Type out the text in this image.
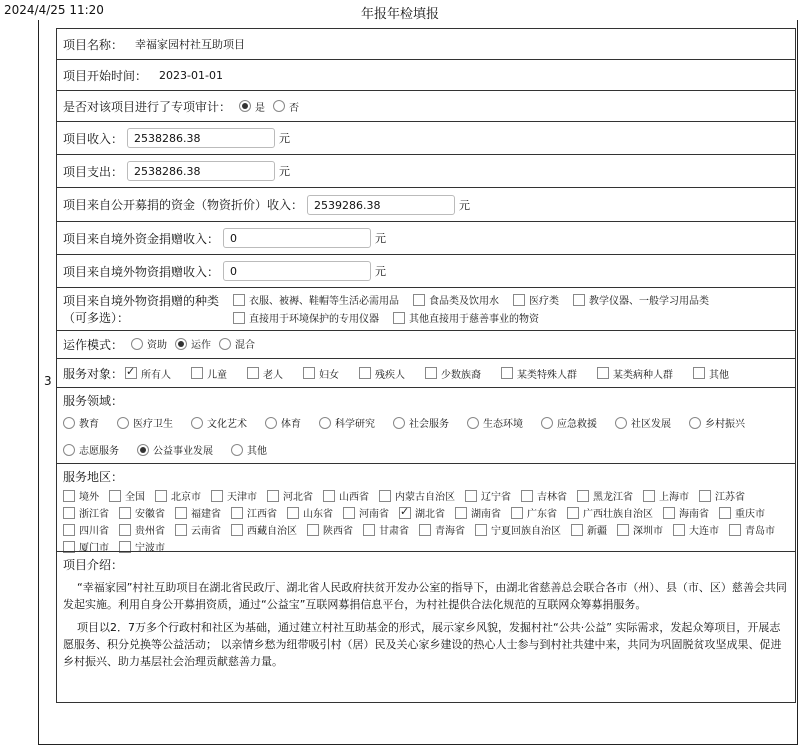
2024/4/25 11:20	年报年检填报
3
项目名称： 幸福家园村社互助项目
项目开始时间： 2023-01-01
是否对该项目进行了专项审计： 是 否
项目收入：	2538286.38	元
项目支出：	2538286.38	元
项目来自公开募捐的资金（物资折价）收入：	2539286.38	元
项目来自境外资金捐赠收入：	0	元
项目来自境外物资捐赠收入：	0	元
项目来自境外物资捐赠的种类
（可多选）：
衣服、被褥、鞋帽等生活必需用品	食品类及饮用水	医疗类	教学仪器、一般学习用品类
直接用于环境保护的专用仪器	其他直接用于慈善事业的物资
运作模式： 资助 运作 混合
服务对象： ✓ 所有人	儿童	老人	妇女	残疾人	少数族裔	某类特殊人群	某类病种人群	其他
服务领域：
教育	医疗卫生	文化艺术	体育	科学研究	社会服务	生态环境	应急救援	社区发展	乡村振兴
志愿服务	公益事业发展	其他
服务地区：
境外	全国	北京市	天津市	河北省	山西省	内蒙古自治区	辽宁省	吉林省	黑龙江省	上海市	江苏省
浙江省	安徽省	福建省	江西省	山东省	河南省 ✓	湖北省	湖南省	广东省	广西壮族自治区	海南省	重庆市
四川省	贵州省	云南省	西藏自治区	陕西省	甘肃省	青海省	宁夏回族自治区	新疆	深圳市	大连市	青岛市
厦门市	宁波市
项目介绍：

“幸福家园”村社互助项目在湖北省民政厅、湖北省人民政府扶贫开发办公室的指导下，由湖北省慈善总会联合各市（州）、县（市、区）慈善会共同发起实施。利用自身公开募捐资质，通过“公益宝”互联网募捐信息平台，为村社提供合法化规范的互联网众筹募捐服务。

项目以2．7万多个行政村和社区为基础，通过建立村社互助基金的形式，展示家乡风貌，发掘村社“公共·公益” 实际需求，发起众筹项目，开展志愿服务、积分兑换等公益活动； 以亲情乡愁为纽带吸引村（居）民及关心家乡建设的热心人士参与到村社共建中来，共同为巩固脱贫攻坚成果、促进乡村振兴、助力基层社会治理贡献慈善力量。
